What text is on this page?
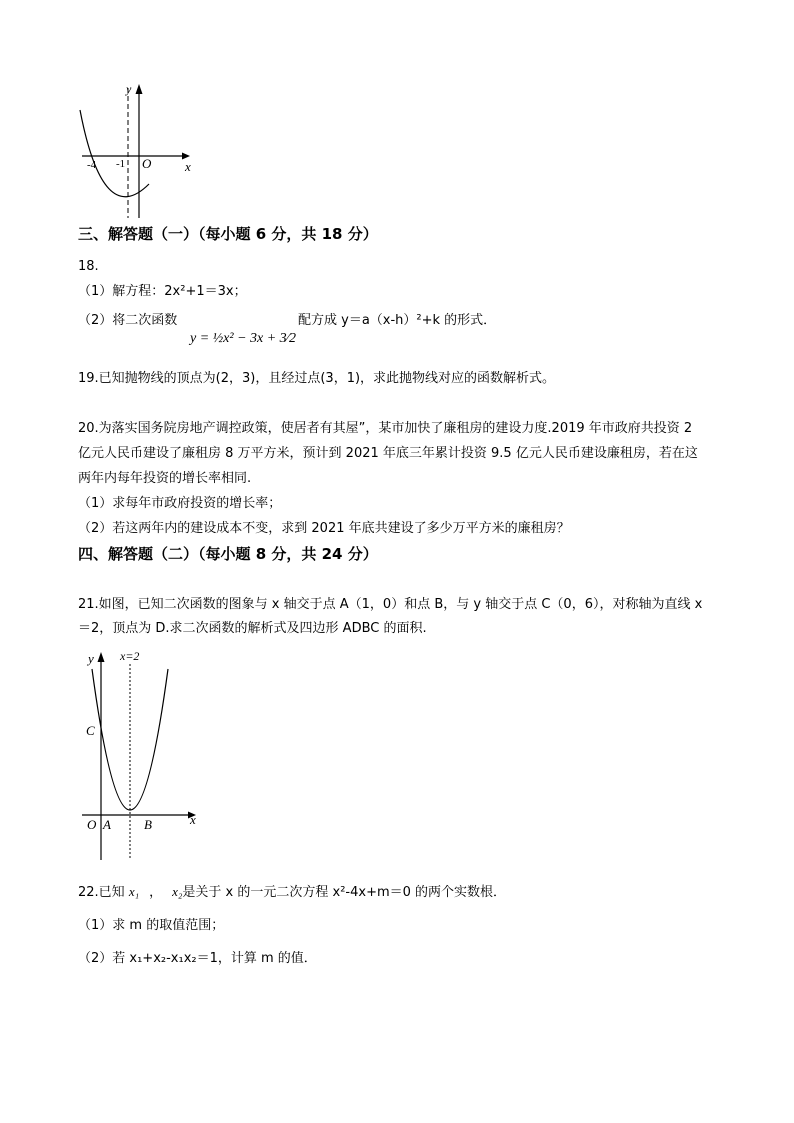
y
x
O
-4 -1
三、解答题（一）（每小题 6 分，共 18 分）
18.
（1）解方程：2x²+1＝3x；
（2）将二次函数
y = ½x² − 3x + 3⁄2
配方成 y＝a（x-h）²+k 的形式．
19.已知抛物线的顶点为(2，3)，且经过点(3，1)，求此抛物线对应的函数解析式。
20.为落实国务院房地产调控政策，使居者有其屋”，某市加快了廉租房的建设力度.2019 年市政府共投资 2
亿元人民币建设了廉租房 8 万平方米，预计到 2021 年底三年累计投资 9.5 亿元人民币建设廉租房，若在这
两年内每年投资的增长率相同.
（1）求每年市政府投资的增长率；
（2）若这两年内的建设成本不变，求到 2021 年底共建设了多少万平方米的廉租房？
四、解答题（二）（每小题 8 分，共 24 分）
21.如图，已知二次函数的图象与 x 轴交于点 A（1，0）和点 B，与 y 轴交于点 C（0，6），对称轴为直线 x
＝2，顶点为 D.求二次函数的解析式及四边形 ADBC 的面积.
x=2
y
C
O A	B	x
22.已知 x₁ ， x₂是关于 x 的一元二次方程 x²-4x+m＝0 的两个实数根．
（1）求 m 的取值范围；
（2）若 x₁+x₂-x₁x₂＝1，计算 m 的值．
